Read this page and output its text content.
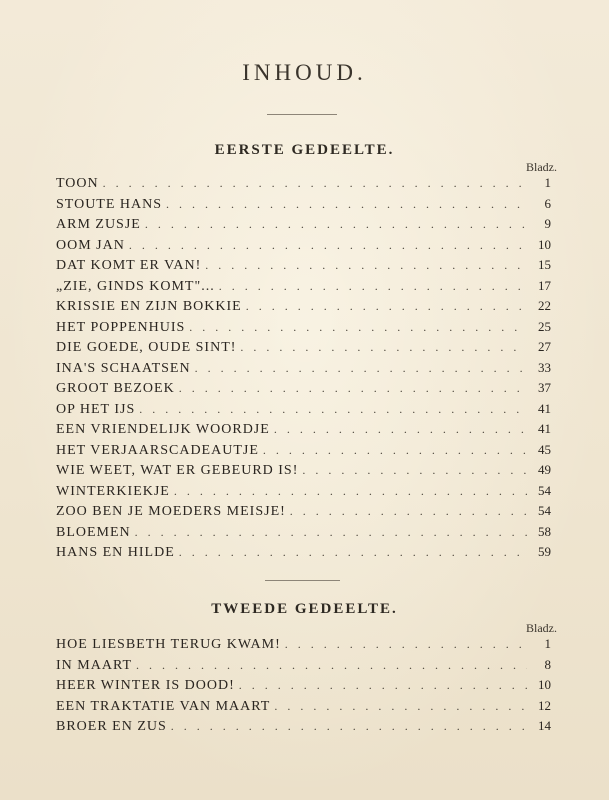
INHOUD.
EERSTE GEDEELTE.
Bladz.
TOON . . .	1
STOUTE HANS . . .	6
ARM ZUSJE . . .	9
OOM JAN . . .	10
DAT KOMT ER VAN! . . .	15
„ZIE, GINDS KOMT"... . . .	17
KRISSIE EN ZIJN BOKKIE . . .	22
HET POPPENHUIS . . .	25
DIE GOEDE, OUDE SINT! . . .	27
INA'S SCHAATSEN . . .	33
GROOT BEZOEK . . .	37
OP HET IJS . . .	41
EEN VRIENDELIJK WOORDJE . . .	41
HET VERJAARSCADEAUTJE . . .	45
WIE WEET, WAT ER GEBEURD IS! . . .	49
WINTERKIEKJE . . .	54
ZOO BEN JE MOEDERS MEISJE! . . .	54
BLOEMEN . . .	58
HANS EN HILDE . . .	59
TWEEDE GEDEELTE.
Bladz.
HOE LIESBETH TERUG KWAM! . . .	1
IN MAART . . .	8
HEER WINTER IS DOOD! . . .	10
EEN TRAKTATIE VAN MAART . . .	12
BROER EN ZUS . . .	14
